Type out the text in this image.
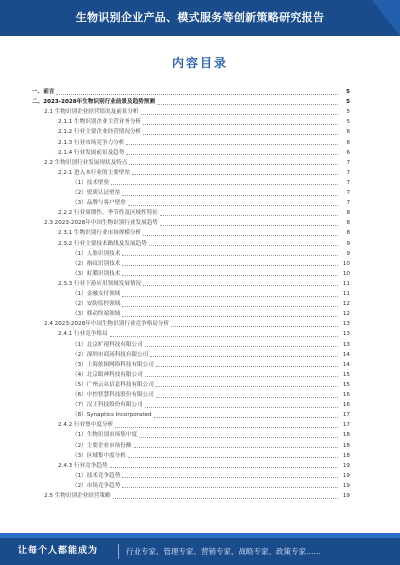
生物识别企业产品、模式服务等创新策略研究报告
内容目录
一、前言	5
二、2023-2028年生物识别行业前景及趋势预测	5
2.1 生物识别企业经营情况及前景分析	5
2.1.1 生物识别企业主营业务分析	5
2.1.2 行业主要企业经营情况分析	6
2.1.3 行业市场竞争力分析	6
2.1.4 行业发展前景及趋势	6
2.2 生物识别行业发展现状及特点	7
2.2.1 进入本行业的主要壁垒	7
（1）技术壁垒	7
（2）资质认证壁垒	7
（3）品牌与客户壁垒	7
2.2.2 行业周期性、季节性及区域性特征	8
2.3 2023-2028年中国生物识别行业发展趋势	8
2.3.1 生物识别行业市场规模分析	8
2.3.2 行业主要技术路线及发展趋势	9
（1）人脸识别技术	9
（2）指纹识别技术	10
（3）虹膜识别技术	10
2.3.3 行业下游应用领域发展情况	11
（1）金融支付领域	11
（2）安防监控领域	12
（3）移动终端领域	12
2.4 2023-2028年中国生物识别行业竞争格局分析	13
2.4.1 行业竞争格局	13
（1）北京旷视科技有限公司	13
（2）深圳市商汤科技有限公司	14
（3）上海依图网络科技有限公司	14
（4）北京眼神科技有限公司	15
（5）广州云从信息科技有限公司	15
（6）中控智慧科技股份有限公司	16
（7）汉王科技股份有限公司	16
（8）Synaptics Incorporated	17
2.4.2 行业集中度分析	17
（1）生物识别市场集中度	18
（2）主要企业市场份额	18
（3）区域集中度分析	18
2.4.3 行业竞争趋势	19
（1）技术竞争趋势	19
（2）市场竞争趋势	19
2.5 生物识别企业经营策略	19
让每个人都能成为	行业专家、管理专家、营销专家、战略专家、政策专家……
